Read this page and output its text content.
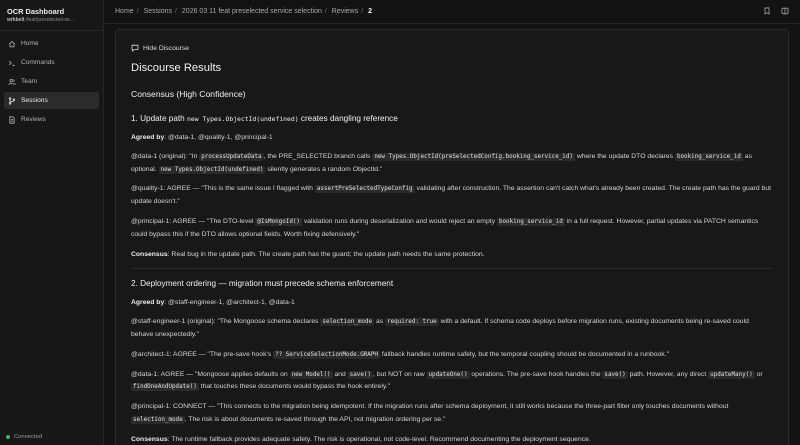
OCR Dashboard
wrkbelt /feat/preselected-se...
Home
Commands
Team
Sessions
Reviews
Connected
Home / Sessions / 2026 03 11 feat preselected service selection / Reviews / 2
Hide Discourse
Discourse Results
Consensus (High Confidence)
1. Update path new Types.ObjectId(undefined) creates dangling reference

Agreed by: @data-1, @quality-1, @principal-1

@data-1 (original): "In processUpdateData , the PRE_SELECTED branch calls new Types.ObjectId(preSelectedConfig.booking_service_id) where the update DTO declares booking_service_id as optional. new Types.ObjectId(undefined) silently generates a random ObjectId."

@quality-1: AGREE — "This is the same issue I flagged with assertPreSelectedTypeConfig validating after construction. The assertion can't catch what's already been created. The create path has the guard but update doesn't."

@principal-1: AGREE — "The DTO-level @IsMongoId() validation runs during deserialization and would reject an empty booking_service_id in a full request. However, partial updates via PATCH semantics could bypass this if the DTO allows optional fields. Worth fixing defensively."

Consensus: Real bug in the update path. The create path has the guard; the update path needs the same protection.

2. Deployment ordering — migration must precede schema enforcement

Agreed by: @staff-engineer-1, @architect-1, @data-1

@staff-engineer-1 (original): "The Mongoose schema declares selection_mode as required: true with a default. If schema code deploys before migration runs, existing documents being re-saved could behave unexpectedly."

@architect-1: AGREE — "The pre-save hook's ?? ServiceSelectionMode.GRAPH fallback handles runtime safety, but the temporal coupling should be documented in a runbook."

@data-1: AGREE — "Mongoose applies defaults on new Model() and save() , but NOT on raw updateOne() operations. The pre-save hook handles the save() path. However, any direct updateMany() or findOneAndUpdate() that touches these documents would bypass the hook entirely."

@principal-1: CONNECT — "This connects to the migration being idempotent. If the migration runs after schema deployment, it still works because the three-part filter only touches documents without selection_mode . The risk is about documents re-saved through the API, not migration ordering per se."

Consensus: The runtime fallback provides adequate safety. The risk is operational, not code-level. Recommend documenting the deployment sequence.
